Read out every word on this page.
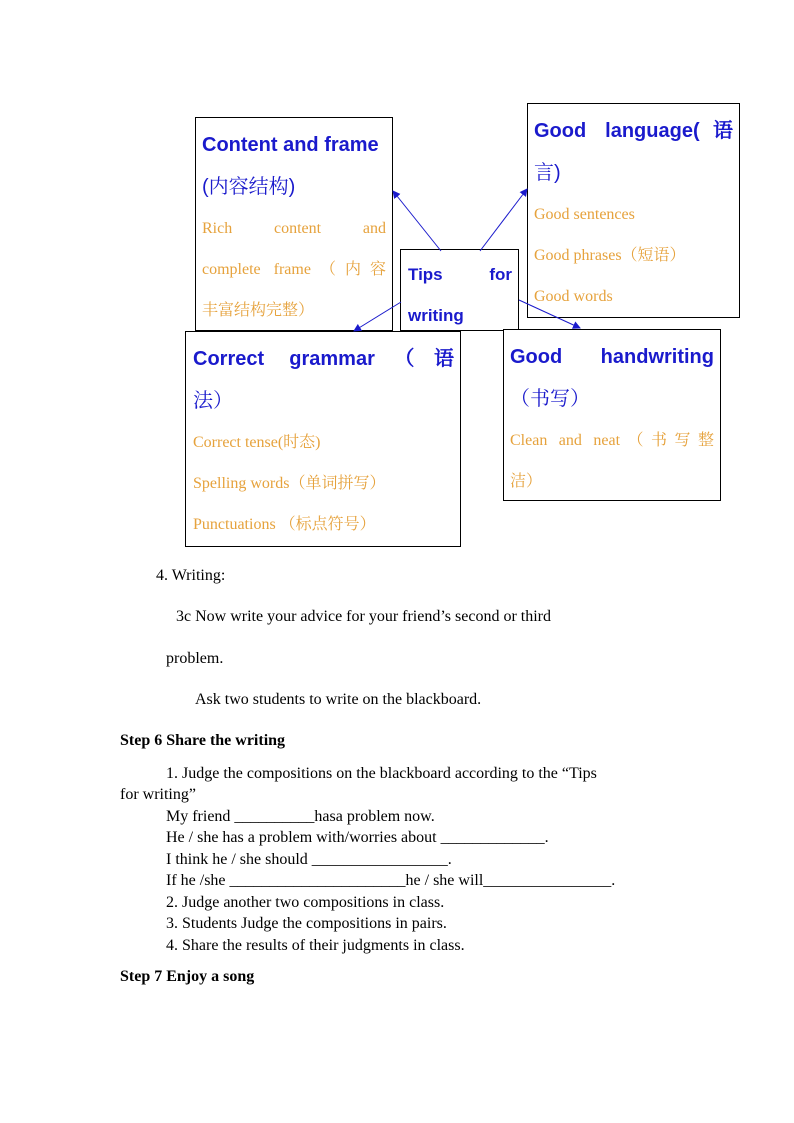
Content and frame
(内容结构)
Rich content and
complete frame（内容
丰富结构完整）
Good language(语
言)
Good sentences
Good phrases（短语）
Good words
Tips for
writing
Correct grammar（语
法）
Correct tense(时态)
Spelling words（单词拼写）
Punctuations （标点符号）
Good handwriting
（书写）
Clean and neat（书写整
洁）
4. Writing:
3c Now write your advice for your friend’s second or third
problem.
Ask two students to write on the blackboard.
Step 6 Share the writing
1. Judge the compositions on the blackboard according to the “Tips
for writing”
My friend __________hasa problem now.
He / she has a problem with/worries about _____________.
I think he / she should _________________.
If he /she ______________________he / she will________________.
2. Judge another two compositions in class.
3. Students Judge the compositions in pairs.
4. Share the results of their judgments in class.
Step 7 Enjoy a song
